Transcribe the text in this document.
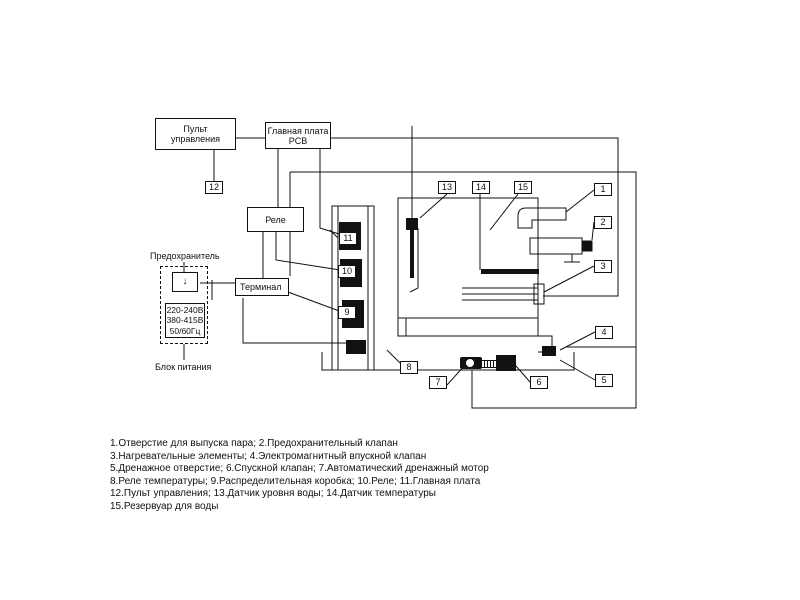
Пульт управления
Главная плата
PCB
Реле
Терминал
↓
220-240В
380-415В
50/60Гц
Предохранитель
Блок питания
1
2
3
4
5
6
7
8
9
10
11
12	13	14	15
1.Отверстие для выпуска пара; 2.Предохранительный клапан
3.Нагревательные элементы; 4.Электромагнитный впускной клапан
5.Дренажное отверстие; 6.Спускной клапан; 7.Автоматический дренажный мотор
8.Реле температуры; 9.Распределительная коробка; 10.Реле; 11.Главная плата
12.Пульт управления; 13.Датчик уровня воды; 14.Датчик температуры
15.Резервуар для воды
